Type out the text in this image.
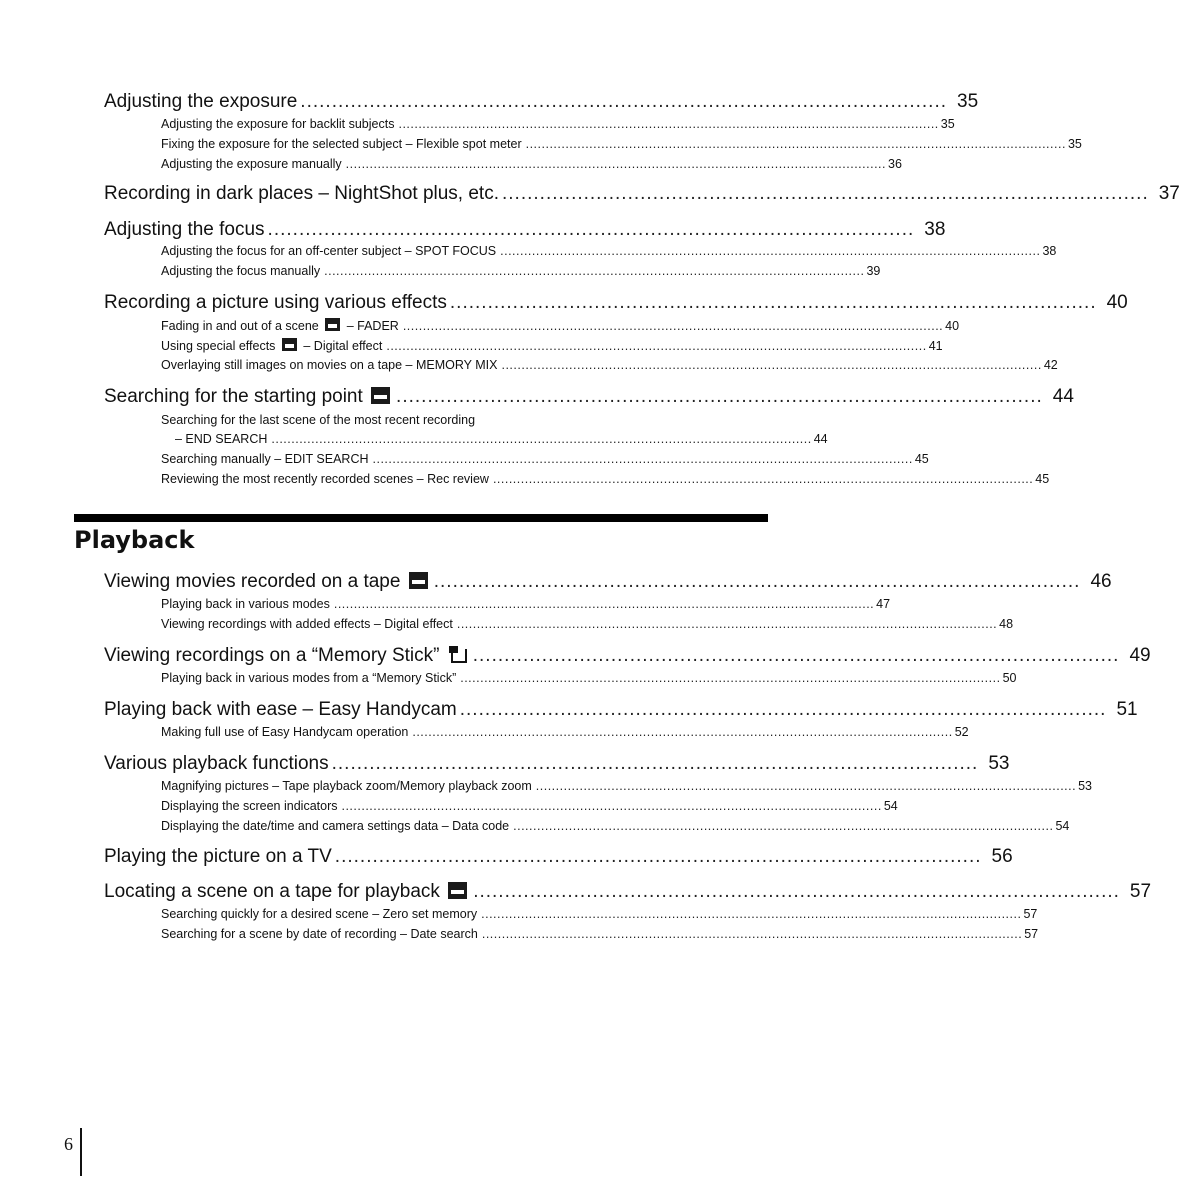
Adjusting the exposure ....................................................................................................... 35
Adjusting the exposure for backlit subjects ........................................................................................................................................ 35
Fixing the exposure for the selected subject – Flexible spot meter ........................................................................................................................................ 35
Adjusting the exposure manually ........................................................................................................................................ 36
Recording in dark places – NightShot plus, etc. ....................................................................................................... 37
Adjusting the focus ....................................................................................................... 38
Adjusting the focus for an off-center subject – SPOT FOCUS ........................................................................................................................................ 38
Adjusting the focus manually ........................................................................................................................................ 39
Recording a picture using various effects ....................................................................................................... 40
Fading in and out of a scene  – FADER ........................................................................................................................................ 40
Using special effects  – Digital effect ........................................................................................................................................ 41
Overlaying still images on movies on a tape – MEMORY MIX ........................................................................................................................................ 42
Searching for the starting point	....................................................................................................... 44
Searching for the last scene of the most recent recording
– END SEARCH ........................................................................................................................................ 44
Searching manually – EDIT SEARCH ........................................................................................................................................ 45
Reviewing the most recently recorded scenes – Rec review ........................................................................................................................................ 45
Playback
Viewing movies recorded on a tape	....................................................................................................... 46
Playing back in various modes ........................................................................................................................................ 47
Viewing recordings with added effects – Digital effect ........................................................................................................................................ 48
Viewing recordings on a “Memory Stick”	....................................................................................................... 49
Playing back in various modes from a “Memory Stick” ........................................................................................................................................ 50
Playing back with ease – Easy Handycam ....................................................................................................... 51
Making full use of Easy Handycam operation ........................................................................................................................................ 52
Various playback functions ....................................................................................................... 53
Magnifying pictures – Tape playback zoom/Memory playback zoom ........................................................................................................................................ 53
Displaying the screen indicators ........................................................................................................................................ 54
Displaying the date/time and camera settings data – Data code ........................................................................................................................................ 54
Playing the picture on a TV ....................................................................................................... 56
Locating a scene on a tape for playback	....................................................................................................... 57
Searching quickly for a desired scene – Zero set memory ........................................................................................................................................ 57
Searching for a scene by date of recording – Date search ........................................................................................................................................ 57
6
